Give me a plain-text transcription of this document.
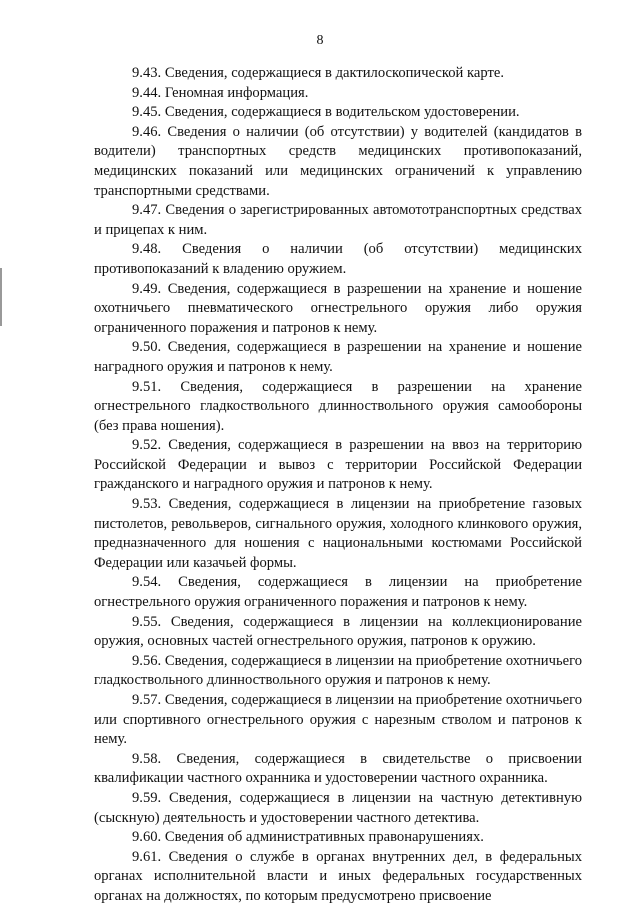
8

9.43. Сведения, содержащиеся в дактилоскопической карте.

9.44. Геномная информация.

9.45. Сведения, содержащиеся в водительском удостоверении.

9.46. Сведения о наличии (об отсутствии) у водителей (кандидатов в водители) транспортных средств медицинских противопоказаний, медицинских показаний или медицинских ограничений к управлению транспортными средствами.

9.47. Сведения о зарегистрированных автомототранспортных средствах и прицепах к ним.

9.48. Сведения о наличии (об отсутствии) медицинских противопоказаний к владению оружием.

9.49. Сведения, содержащиеся в разрешении на хранение и ношение охотничьего пневматического огнестрельного оружия либо оружия ограниченного поражения и патронов к нему.

9.50. Сведения, содержащиеся в разрешении на хранение и ношение наградного оружия и патронов к нему.

9.51. Сведения, содержащиеся в разрешении на хранение огнестрельного гладкоствольного длинноствольного оружия самообороны (без права ношения).

9.52. Сведения, содержащиеся в разрешении на ввоз на территорию Российской Федерации и вывоз с территории Российской Федерации гражданского и наградного оружия и патронов к нему.

9.53. Сведения, содержащиеся в лицензии на приобретение газовых пистолетов, револьверов, сигнального оружия, холодного клинкового оружия, предназначенного для ношения с национальными костюмами Российской Федерации или казачьей формы.

9.54. Сведения, содержащиеся в лицензии на приобретение огнестрельного оружия ограниченного поражения и патронов к нему.

9.55. Сведения, содержащиеся в лицензии на коллекционирование оружия, основных частей огнестрельного оружия, патронов к оружию.

9.56. Сведения, содержащиеся в лицензии на приобретение охотничьего гладкоствольного длинноствольного оружия и патронов к нему.

9.57. Сведения, содержащиеся в лицензии на приобретение охотничьего или спортивного огнестрельного оружия с нарезным стволом и патронов к нему.

9.58. Сведения, содержащиеся в свидетельстве о присвоении квалификации частного охранника и удостоверении частного охранника.

9.59. Сведения, содержащиеся в лицензии на частную детективную (сыскную) деятельность и удостоверении частного детектива.

9.60. Сведения об административных правонарушениях.

9.61. Сведения о службе в органах внутренних дел, в федеральных органах исполнительной власти и иных федеральных государственных органах на должностях, по которым предусмотрено присвоение
